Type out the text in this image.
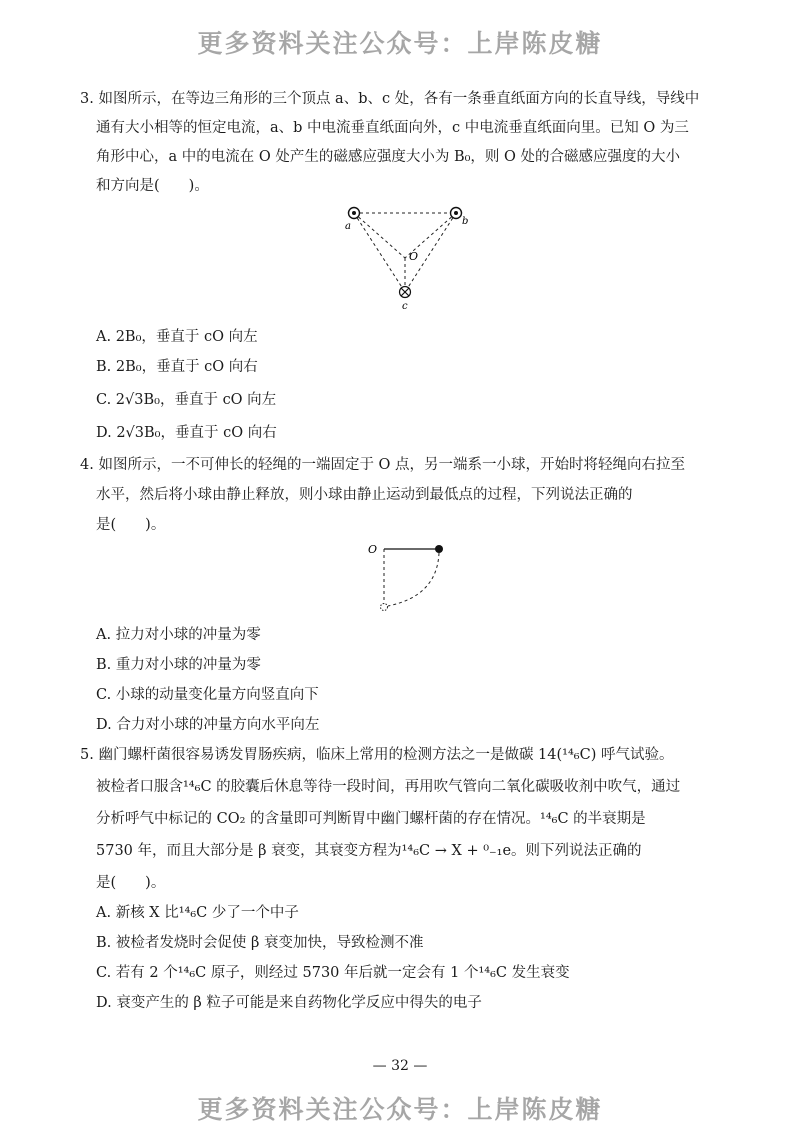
更多资料关注公众号：上岸陈皮糖
3. 如图所示，在等边三角形的三个顶点 a、b、c 处，各有一条垂直纸面方向的长直导线，导线中
通有大小相等的恒定电流，a、b 中电流垂直纸面向外，c 中电流垂直纸面向里。已知 O 为三
角形中心，a 中的电流在 O 处产生的磁感应强度大小为 B₀，则 O 处的合磁感应强度的大小
和方向是(　　)。
a	b
c
O
A. 2B₀，垂直于 cO 向左
B. 2B₀，垂直于 cO 向右
C. 2√3B₀，垂直于 cO 向左
D. 2√3B₀，垂直于 cO 向右
4. 如图所示，一不可伸长的轻绳的一端固定于 O 点，另一端系一小球，开始时将轻绳向右拉至
水平，然后将小球由静止释放，则小球由静止运动到最低点的过程，下列说法正确的
是(　　)。
O
A. 拉力对小球的冲量为零
B. 重力对小球的冲量为零
C. 小球的动量变化量方向竖直向下
D. 合力对小球的冲量方向水平向左
5. 幽门螺杆菌很容易诱发胃肠疾病，临床上常用的检测方法之一是做碳 14(¹⁴₆C) 呼气试验。
被检者口服含¹⁴₆C 的胶囊后休息等待一段时间，再用吹气管向二氧化碳吸收剂中吹气，通过
分析呼气中标记的 CO₂ 的含量即可判断胃中幽门螺杆菌的存在情况。¹⁴₆C 的半衰期是
5730 年，而且大部分是 β 衰变，其衰变方程为¹⁴₆C → X + ⁰₋₁e。则下列说法正确的
是(　　)。
A. 新核 X 比¹⁴₆C 少了一个中子
B. 被检者发烧时会促使 β 衰变加快，导致检测不准
C. 若有 2 个¹⁴₆C 原子，则经过 5730 年后就一定会有 1 个¹⁴₆C 发生衰变
D. 衰变产生的 β 粒子可能是来自药物化学反应中得失的电子
— 32 —
更多资料关注公众号：上岸陈皮糖
